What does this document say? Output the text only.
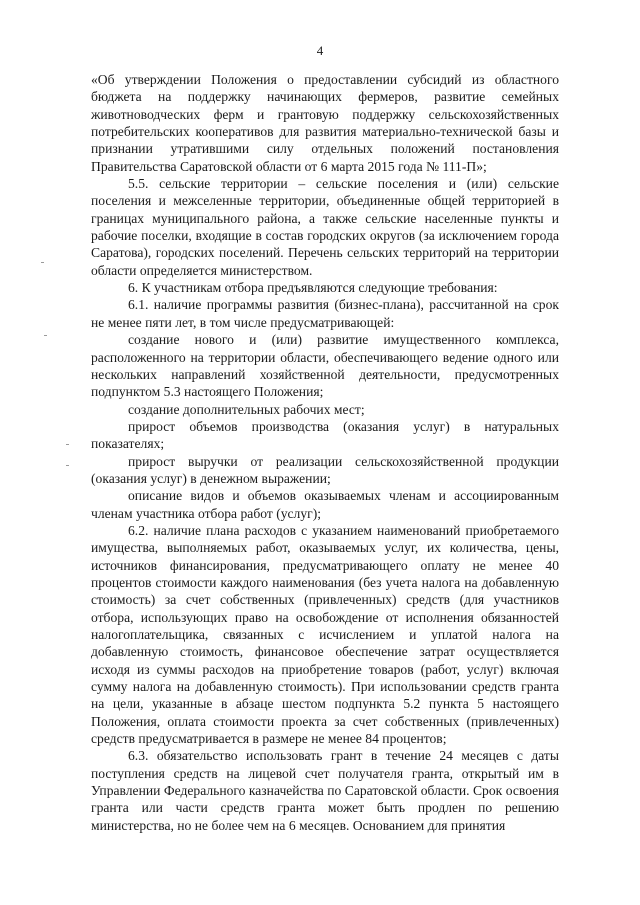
4

«Об утверждении Положения о предоставлении субсидий из областного бюджета на поддержку начинающих фермеров, развитие семейных животноводческих ферм и грантовую поддержку сельскохозяйственных потребительских кооперативов для развития материально-технической базы и признании утратившими силу отдельных положений постановления Правительства Саратовской области от 6 марта 2015 года № 111-П»;

5.5. сельские территории – сельские поселения и (или) сельские поселения и межселенные территории, объединенные общей территорией в границах муниципального района, а также сельские населенные пункты и рабочие поселки, входящие в состав городских округов (за исключением города Саратова), городских поселений. Перечень сельских территорий на территории области определяется министерством.

6. К участникам отбора предъявляются следующие требования:

6.1. наличие программы развития (бизнес-плана), рассчитанной на срок не менее пяти лет, в том числе предусматривающей:

создание нового и (или) развитие имущественного комплекса, расположенного на территории области, обеспечивающего ведение одного или нескольких направлений хозяйственной деятельности, предусмотренных подпунктом 5.3 настоящего Положения;

создание дополнительных рабочих мест;

прирост объемов производства (оказания услуг) в натуральных показателях;

прирост выручки от реализации сельскохозяйственной продукции (оказания услуг) в денежном выражении;

описание видов и объемов оказываемых членам и ассоциированным членам участника отбора работ (услуг);

6.2. наличие плана расходов с указанием наименований приобретаемого имущества, выполняемых работ, оказываемых услуг, их количества, цены, источников финансирования, предусматривающего оплату не менее 40 процентов стоимости каждого наименования (без учета налога на добавленную стоимость) за счет собственных (привлеченных) средств (для участников отбора, использующих право на освобождение от исполнения обязанностей налогоплательщика, связанных с исчислением и уплатой налога на добавленную стоимость, финансовое обеспечение затрат осуществляется исходя из суммы расходов на приобретение товаров (работ, услуг) включая сумму налога на добавленную стоимость). При использовании средств гранта на цели, указанные в абзаце шестом подпункта 5.2 пункта 5 настоящего Положения, оплата стоимости проекта за счет собственных (привлеченных) средств предусматривается в размере не менее 84 процентов;

6.3. обязательство использовать грант в течение 24 месяцев с даты поступления средств на лицевой счет получателя гранта, открытый им в Управлении Федерального казначейства по Саратовской области. Срок освоения гранта или части средств гранта может быть продлен по решению министерства, но не более чем на 6 месяцев. Основанием для принятия
